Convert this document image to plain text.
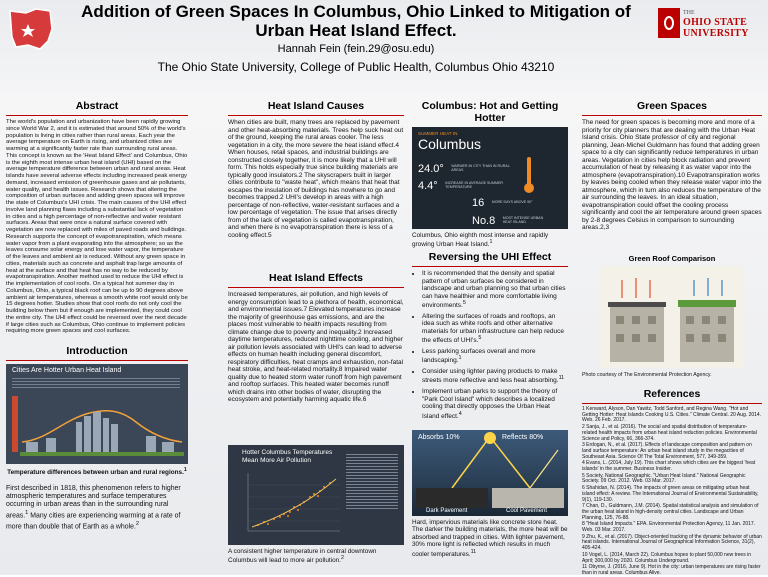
Addition of Green Spaces In Columbus, Ohio Linked to Mitigation of Urban Heat Island Effect.
Hannah Fein (fein.29@osu.edu)
The Ohio State University, College of Public Health, Columbus Ohio 43210
THE
OHIO STATE
UNIVERSITY
Abstract
The world's population and urbanization have been rapidly growing since World War 2, and it is estimated that around 50% of the world's population is living in cities rather than rural areas. Each year the average temperature on Earth is rising, and urbanized cities are warming at a significantly faster rate than surrounding rural areas. This concept is known as the 'Heat Island Effect' and Columbus, Ohio is the eighth most intense urban heat island (UHI) based on the average temperature difference between urban and rural areas. Heat islands have several adverse effects including increased peak energy demand, increased emission of greenhouse gases and air pollutants, water quality, and health issues. Research shows that altering the composition of urban surfaces and adding green spaces will improve the state of Columbus's UHI crisis. The main causes of the UHI effect involve land planning flaws including a substantial lack of vegetation in cities and a high percentage of non-reflective and water resistant surfaces. Areas that were once a natural surface covered with vegetation are now replaced with miles of paved roads and buildings. Research supports the concept of evapotranspiration, which means water vapor from a plant evaporating into the atmosphere; so as the leaves consume solar energy and lose water vapor, the temperature of the leaves and ambient air is reduced. Without any green space in cities, materials such as concrete and asphalt trap large amounts of heat at the surface and that heat has no way to be reduced by evapotranspiration. Another method used to reduce the UHI effect is the implementation of cool roofs. On a typical hot summer day in Columbus, Ohio, a typical black roof can be up to 90 degrees above ambient air temperatures, whereas a smooth white roof would only be 15 degrees hotter. Studies show that cool roofs do not only cool the building below them but if enough are implemented, they could cool the entire city. The UHI effect could be reversed over the next decade if large cities such as Columbus, Ohio continue to implement policies requiring more green spaces and cool surfaces.
Introduction
Cities Are Hotter Urban Heat Island
Temperature differences between urban and rural regions.$^1$
First described in 1818, this phenomenon refers to higher atmospheric temperatures and surface temperatures occurring in urban areas than in the surrounding rural areas.$^1$ Many cities are experiencing warming at a rate of more than double that of Earth as a whole.$^2$
Heat Island Causes
When cities are built, many trees are replaced by pavement and other heat-absorbing materials. Trees help suck heat out of the ground, keeping the rural areas cooler. The less vegetation in a city, the more severe the heat island effect.4 When houses, retail spaces, and industrial buildings are constructed closely together, it is more likely that a UHI will form. This holds especially true since building materials are typically good insulators.2 The skyscrapers built in larger cities contribute to "waste heat", which means that heat that escapes the insulation of buildings has nowhere to go and becomes trapped.2 UHI's develop in areas with a high percentage of non-reflective, water-resistant surfaces and a low percentage of vegetation. The issue that arises directly from of the lack of vegetation is called evapotranspiration, and when there is no evapotranspiration there is less of a cooling effect.5
Heat Island Effects
Increased temperatures, air pollution, and high levels of energy consumption lead to a plethora of health, economical, and environmental issues.7 Elevated temperatures increase the majority of greenhouse gas emissions, and are the places most vulnerable to health impacts resulting from climate change due to poverty and inequality.2 Increased daytime temperatures, reduced nighttime cooling, and higher air pollution levels associated with UHI's can lead to adverse effects on human health including general discomfort, respiratory difficulties, heat cramps and exhaustion, non-fatal heat stroke, and heat-related mortality.8 Impaired water quality due to heated storm water runoff from high pavement and rooftop surfaces. This heated water becomes runoff which drains into other bodies of water, disrupting the ecosystem and potentially harming aquatic life.6
Hotter Columbus Temperatures Mean More Air Pollution
A consistent higher temperature in central downtown Columbus will lead to more air pollution.$^2$
Columbus: Hot and Getting Hotter
SUMMER HEAT IN
Columbus
24.0° WARMER IN CITY THAN IN RURAL AREAS
4.4° INCREASE IN AVERAGE SUMMER TEMPERATURE
16 MORE DAYS ABOVE 90°
No.8 MOST INTENSE URBAN HEAT ISLAND
Columbus, Ohio eighth most intense and rapidly growing Urban Heat Island.$^1$
Reversing the UHI Effect
• It is recommended that the density and spatial pattern of urban surfaces be considered in landscape and urban planning so that urban cities can have healthier and more comfortable living environments.$^5$
• Altering the surfaces of roads and rooftops, an idea such as white roofs and other alternative materials for urban infrastructure can help reduce the effects of UHI's.$^5$
• Less parking surfaces overall and more landscaping.$^1$
• Consider using lighter paving products to make streets more reflective and less heat absorbing.$^{11}$
• Implement urban parks to support the theory of "Park Cool Island" which describes a localized cooling that directly opposes the Urban Heat Island effect.$^4$
Absorbs 10%	Reflects 80%
Dark Pavement	Cool Pavement
Hard, impervious materials like concrete store heat. The darker the building materials, the more heat will be absorbed and trapped in cities. With lighter pavement, 30% more light is reflected which results in much cooler temperatures.$^{11}$
Green Spaces
The need for green spaces is becoming more and more of a priority for city planners that are dealing with the Urban Heat Island crisis. Ohio State professor of city and regional planning, Jean-Michel Guldmann has found that adding green space to a city can significantly reduce temperatures in urban areas. Vegetation in cities help block radiation and prevent accumulation of heat by releasing it as water vapor into the atmosphere (evapotranspiration).10 Evapotranspiration works by leaves being cooled when they release water vapor into the atmosphere, which in turn also reduces the temperature of the air surrounding the leaves. In an ideal situation, evapotranspiration could offset the cooling process significantly and cool the air temperature around green spaces by 2-8 degrees Celsius in comparison to surrounding areas.2,3
Green Roof Comparison
Photo courtesy of The Environmental Protection Agency.
References
1 Kenward, Alyson, Dan Yawitz, Todd Sanford, and Regina Wang. "Hot and Getting Hotter: Heat Islands Cooking U.S. Cities." Climate Central. 20 Aug. 2014. Web. 26 Feb. 2017.
2 Sanja, J., et al. (2016). The social and spatial distribution of temperature-related health impacts from urban heat island reduction policies. Environmental Science and Policy, 66, 366-374.
3 Erdogan, N., et al. (2017). Effects of landscape composition and pattern on land surface temperature: An urban heat island study in the megacities of Southeast Asia. Science Of The Total Environment, 577, 349-359.
4 Evans, L. (2014, July 19). This chart shows which cities are the biggest 'heat islands' in the summer. Business Insider.
5 Society, National Geographic. "Urban Heat Island." National Geographic Society. 09 Oct. 2012. Web. 03 Mar. 2017.
6 Shahidan, N. (2014). The impacts of green areas on mitigating urban heat island effect: A review. The International Journal of Environmental Sustainability, 9(1), 119-130.
7 Chan, D., Guldmann, J.M. (2014). Spatial statistical analysis and simulation of the urban heat island in high-density central cities. Landscape and Urban Planning, 125, 76-88.
8 "Heat Island Impacts." EPA. Environmental Protection Agency, 11 Jan. 2017. Web. 03 Mar. 2017.
9 Zhu, K., et al. (2017). Object-oriented tracking of the dynamic behavior of urban heat islands. International Journal of Geographical Information Science, 31(2), 405-424.
10 Vogel, L. (2014, March 22). Columbus hopes to plant 50,000 new trees in April; 300,000 by 2020. Columbus Underground.
11 Obyrne, J. (2016, June 9). Hot in the city: urban temperatures are rising faster than in rural areas. Columbus Alive.
